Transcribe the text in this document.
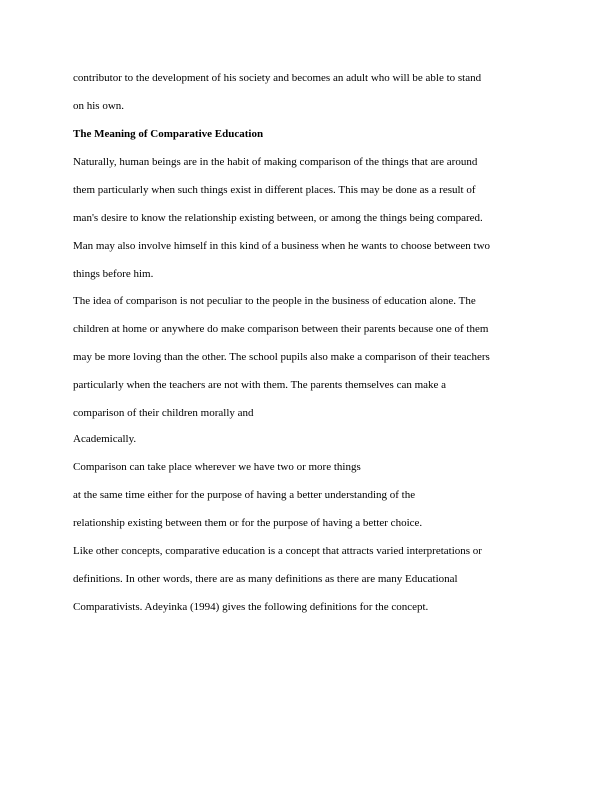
contributor to the development of his society and becomes an adult who will be able to stand
on his own.
The Meaning of Comparative Education
Naturally, human beings are in the habit of making comparison of the things that are around
them particularly when such things exist in different places. This may be done as a result of
man's desire to know the relationship existing between, or among the things being compared.
Man may also involve himself in this kind of a business when he wants to choose between two
things before him.
The idea of comparison is not peculiar to the people in the business of education alone. The
children at home or anywhere do make comparison between their parents because one of them
may be more loving than the other. The school pupils also make a comparison of their teachers
particularly when the teachers are not with them. The parents themselves can make a
comparison of their children morally and
Academically.
Comparison can take place wherever we have two or more things
at the same time either for the purpose of having a better understanding of the
relationship existing between them or for the purpose of having a better choice.
Like other concepts, comparative education is a concept that attracts varied interpretations or
definitions. In other words, there are as many definitions as there are many Educational
Comparativists. Adeyinka (1994) gives the following definitions for the concept.
